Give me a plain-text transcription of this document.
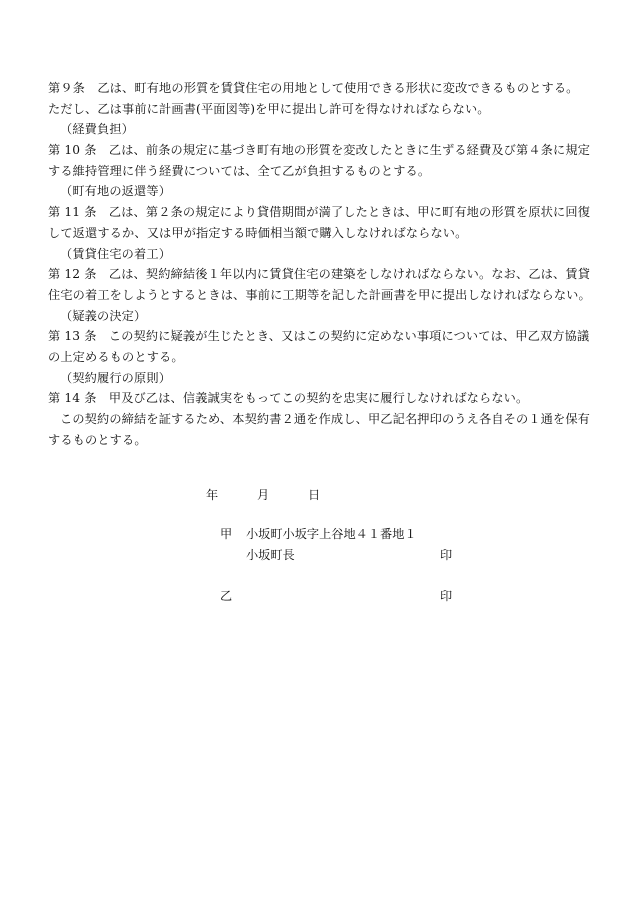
第９条　乙は、町有地の形質を賃貸住宅の用地として使用できる形状に変改できるものとする。
ただし、乙は事前に計画書(平面図等)を甲に提出し許可を得なければならない。
（経費負担）
第 10 条　乙は、前条の規定に基づき町有地の形質を変改したときに生ずる経費及び第４条に規定
する維持管理に伴う経費については、全て乙が負担するものとする。
（町有地の返還等）
第 11 条　乙は、第２条の規定により貸借期間が満了したときは、甲に町有地の形質を原状に回復
して返還するか、又は甲が指定する時価相当額で購入しなければならない。
（賃貸住宅の着工）
第 12 条　乙は、契約締結後１年以内に賃貸住宅の建築をしなければならない。なお、乙は、賃貸
住宅の着工をしようとするときは、事前に工期等を記した計画書を甲に提出しなければならない。
（疑義の決定）
第 13 条　この契約に疑義が生じたとき、又はこの契約に定めない事項については、甲乙双方協議
の上定めるものとする。
（契約履行の原則）
第 14 条　甲及び乙は、信義誠実をもってこの契約を忠実に履行しなければならない。
この契約の締結を証するため、本契約書２通を作成し、甲乙記名押印のうえ各自その１通を保有
するものとする。
年	月	日
甲 小坂町小坂字上谷地４１番地１
小坂町長	印
乙	印
